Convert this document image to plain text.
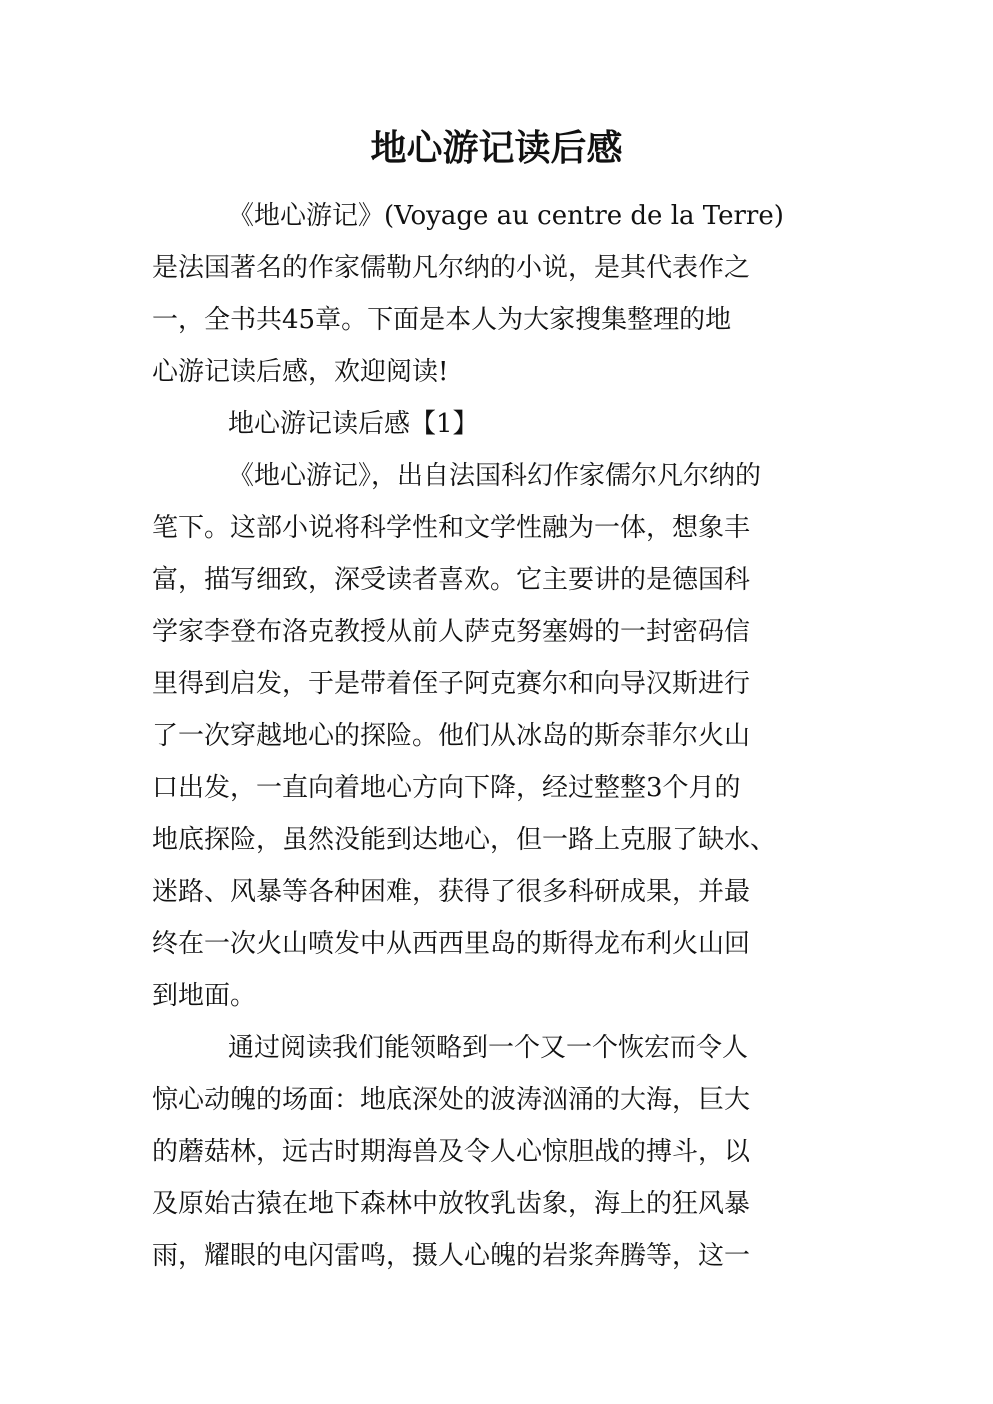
地心游记读后感
《地心游记》(Voyage au centre de la Terre)
是法国著名的作家儒勒凡尔纳的小说，是其代表作之
一，全书共45章。下面是本人为大家搜集整理的地
心游记读后感，欢迎阅读!
地心游记读后感【1】
《地心游记》，出自法国科幻作家儒尔凡尔纳的
笔下。这部小说将科学性和文学性融为一体，想象丰
富，描写细致，深受读者喜欢。它主要讲的是德国科
学家李登布洛克教授从前人萨克努塞姆的一封密码信
里得到启发，于是带着侄子阿克赛尔和向导汉斯进行
了一次穿越地心的探险。他们从冰岛的斯奈菲尔火山
口出发，一直向着地心方向下降，经过整整3个月的
地底探险，虽然没能到达地心，但一路上克服了缺水、
迷路、风暴等各种困难，获得了很多科研成果，并最
终在一次火山喷发中从西西里岛的斯得龙布利火山回
到地面。
通过阅读我们能领略到一个又一个恢宏而令人
惊心动魄的场面：地底深处的波涛汹涌的大海，巨大
的蘑菇林，远古时期海兽及令人心惊胆战的搏斗，以
及原始古猿在地下森林中放牧乳齿象，海上的狂风暴
雨，耀眼的电闪雷鸣，摄人心魄的岩浆奔腾等，这一
